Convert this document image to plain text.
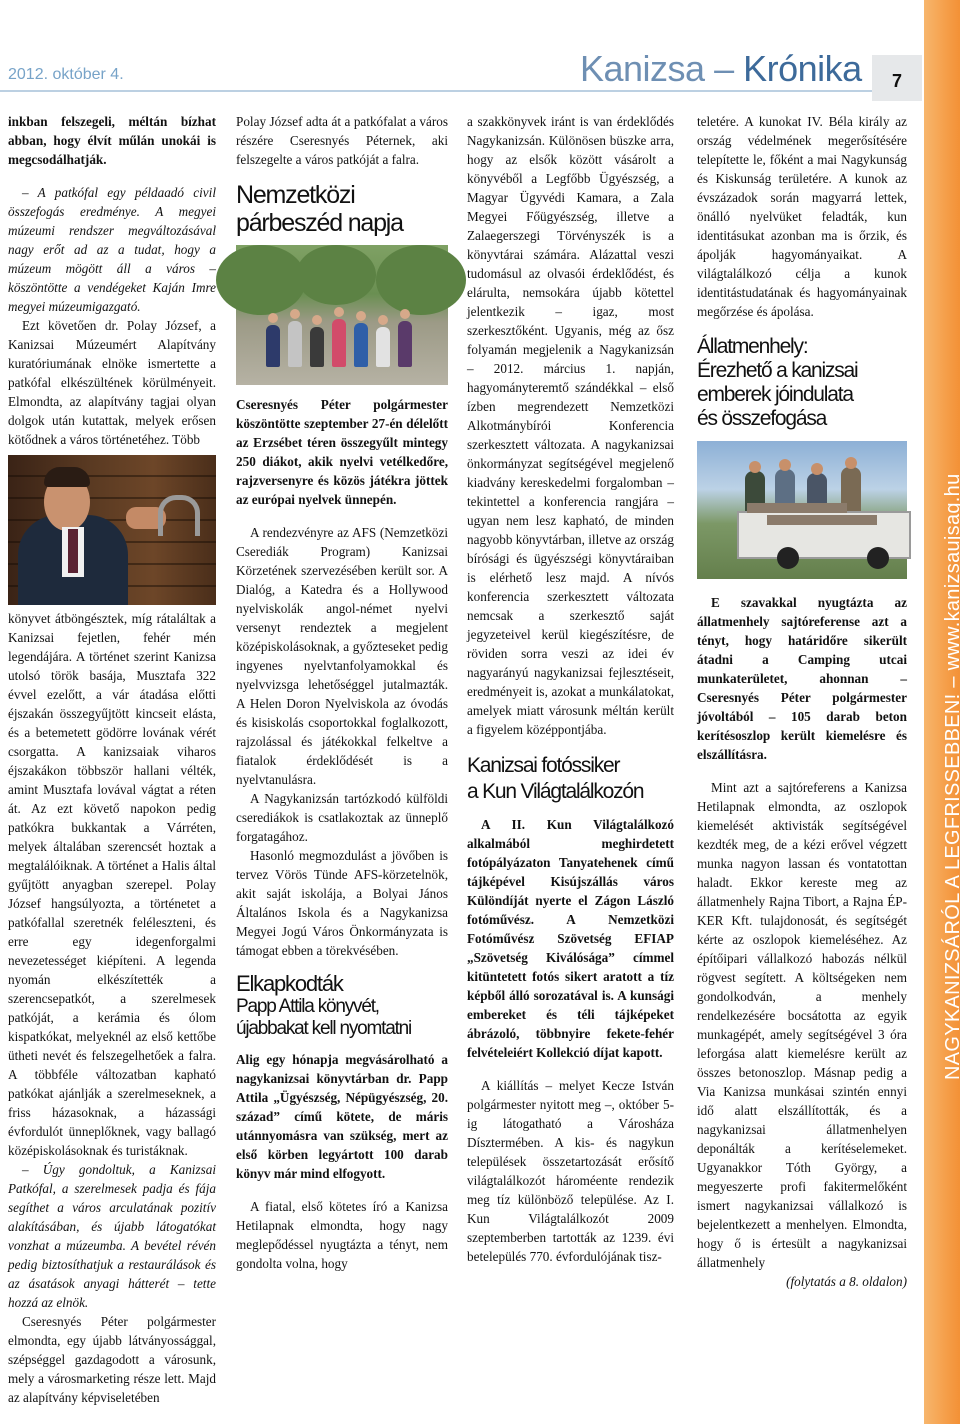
2012. október 4.	Kanizsa – Krónika	7
NAGYKANIZSÁRÓL A LEGFRISSEBBEN! – www.kanizsaujsag.hu

inkban felszegeli, méltán bízhat abban, hogy élvít műlán unokái is megcsodálhatják.

– A patkófal egy példaadó civil összefogás eredménye. A megyei múzeumi rendszer megváltozásával nagy erőt ad az a tudat, hogy a múzeum mögött áll a város – köszöntötte a vendégeket Kaján Imre megyei múzeumigazgató.

Ezt követően dr. Polay József, a Kanizsai Múzeumért Alapítvány kuratóriumának elnöke ismertette a patkófal elkészültének körülményeit. Elmondta, az alapítvány tagjai olyan dolgok után kutattak, melyek erősen kötődnek a város történetéhez. Több

könyvet átböngésztek, míg rátaláltak a Kanizsai fejetlen, fehér mén legendájára. A történet szerint Kanizsa utolsó török basája, Musztafa 322 évvel ezelőtt, a vár átadása előtti éjszakán összegyűjtött kincseit elásta, és a betemetett gödörre lovának vérét csorgatta. A kanizsaiak viharos éjszakákon többször hallani vélték, amint Musztafa lovával vágtat a réten át. Az ezt követő napokon pedig patkókra bukkantak a Várréten, melyek általában szerencsét hoztak a megtalálóiknak. A történet a Halis által gyűjtött anyagban szerepel. Polay József hangsúlyozta, a történetet a patkófallal szeretnék feléleszteni, és erre egy idegenforgalmi nevezetességet kiépíteni. A legenda nyomán elkészítették a szerencsepatkót, a szerelmesek patkóját, a kerámia és ólom kispatkókat, melyeknél az első kettőbe ütheti nevét és felszegelhetőek a falra. A többféle változatban kapható patkókat ajánlják a szerelmeseknek, a friss házasoknak, a házassági évfordulót ünneplőknek, vagy ballagó középiskolásoknak és turistáknak.

– Úgy gondoltuk, a Kanizsai Patkófal, a szerelmesek padja és fája segíthet a város arculatának pozitív alakításában, és újabb látogatókat vonzhat a múzeumba. A bevétel révén pedig biztosíthatjuk a restaurálások és az ásatások anyagi hátterét – tette hozzá az elnök.

Cseresnyés Péter polgármester elmondta, egy újabb látványossággal, szépséggel gazdagodott a városunk, mely a városmarketing része lett. Majd az alapítvány képviseletében

Polay József adta át a patkófalat a város részére Cseresnyés Péternek, aki felszegelte a város patkóját a falra.

Nemzetközi párbeszéd napja

Cseresnyés Péter polgármester köszöntötte szeptember 27-én délelőtt az Erzsébet téren összegyűlt mintegy 250 diákot, akik nyelvi vetélkedőre, rajzversenyre és közös játékra jöttek az európai nyelvek ünnepén.

A rendezvényre az AFS (Nemzetközi Cserediák Program) Kanizsai Körzetének szervezésében került sor. A Dialóg, a Katedra és a Hollywood nyelviskolák angol-német nyelvi versenyt rendeztek a megjelent középiskolásoknak, a győzteseket pedig ingyenes nyelvtanfolyamokkal és nyelvvizsga lehetőséggel jutalmazták. A Helen Doron Nyelviskola az óvodás és kisiskolás csoportokkal foglalkozott, rajzolással és játékokkal felkeltve a fiatalok érdeklődését is a nyelvtanulásra.

A Nagykanizsán tartózkodó külföldi cserediákok is csatlakoztak az ünneplő forgatagához.

Hasonló megmozdulást a jövőben is tervez Vörös Tünde AFS-körzetelnök, akit saját iskolája, a Bolyai János Általános Iskola és a Nagykanizsa Megyei Jogú Város Önkormányzata is támogat ebben a törekvésében.

Elkapkodták
Papp Attila könyvét,
újabbakat kell nyomtatni

Alig egy hónapja megvásárolható a nagykanizsai könyvtárban dr. Papp Attila „Ügyészség, Népügyészség, 20. század” című kötete, de máris utánnyomásra van szükség, mert az első körben legyártott 100 darab könyv már mind elfogyott.

A fiatal, első kötetes író a Kanizsa Hetilapnak elmondta, hogy nagy meglepődéssel nyugtázta a tényt, nem gondolta volna, hogy

a szakkönyvek iránt is van érdeklődés Nagykanizsán. Különösen büszke arra, hogy az elsők között vásárolt a könyvéből a Legfőbb Ügyészség, a Magyar Ügyvédi Kamara, a Zala Megyei Főügyészség, illetve a Zalaegerszegi Törvényszék is a könyvtárai számára. Alázattal veszi tudomásul az olvasói érdeklődést, és elárulta, nemsokára újabb kötettel jelentkezik – igaz, most szerkesztőként. Ugyanis, még az ősz folyamán megjelenik a Nagykanizsán – 2012. március 1. napján, hagyományteremtő szándékkal – első ízben megrendezett Nemzetközi Alkotmánybírói Konferencia szerkesztett változata. A nagykanizsai önkormányzat segítségével megjelenő kiadvány kereskedelmi forgalomban – tekintettel a konferencia rangjára – ugyan nem lesz kapható, de minden nagyobb könyvtárban, illetve az ország bírósági és ügyészségi könyvtáraiban is elérhető lesz majd. A nívós konferencia szerkesztett változata nemcsak a szerkesztő saját jegyzeteivel kerül kiegészítésre, de röviden sorra veszi az idei év nagyarányú nagykanizsai fejlesztéseit, eredményeit is, azokat a munkálatokat, amelyek miatt városunk méltán került a figyelem középpontjába.

Kanizsai fotóssiker
a Kun Világtalálkozón

A II. Kun Világtalálkozó alkalmából meghirdetett fotópályázaton Tanyatehenek című tájképével Kisújszállás város Különdíját nyerte el Zágon László fotóművész. A Nemzetközi Fotóművész Szövetség EFIAP „Szövetség Kiválósága” címmel kitüntetett fotós sikert aratott a tíz képből álló sorozatával is. A kunsági embereket és téli tájképeket ábrázoló, többnyire fekete-fehér felvételeiért Kollekció díjat kapott.

A kiállítás – melyet Kecze István polgármester nyitott meg –, október 5-ig látogatható a Városháza Dísztermében. A kis- és nagykun települések összetartozását erősítő világtalálkozót hároméente rendezik meg tíz különböző települése. Az I. Kun Világtalálkozót 2009 szeptemberben tartották az 1239. évi betelepülés 770. évfordulójának tisz-

teletére. A kunokat IV. Béla király az ország védelmének megerősítésére telepítette le, főként a mai Nagykunság és Kiskunság területére. A kunok az évszázadok során magyarrá lettek, önálló nyelvüket feladták, kun identitásukat azonban ma is őrzik, és ápolják hagyományaikat. A világtalálkozó célja a kunok identitástudatának és hagyományainak megőrzése és ápolása.

Állatmenhely:
Érezhető a kanizsai
emberek jóindulata
és összefogása

E szavakkal nyugtázta az állatmenhely sajtóreferense azt a tényt, hogy határidőre sikerült átadni a Camping utcai munkaterületet, ahonnan – Cseresnyés Péter polgármester jóvoltából – 105 darab beton kerítésoszlop került kiemelésre és elszállításra.

Mint azt a sajtóreferens a Kanizsa Hetilapnak elmondta, az oszlopok kiemelését aktivisták segítségével kezdték meg, de a kézi erővel végzett munka nagyon lassan és vontatottan haladt. Ekkor kereste meg az állatmenhely Rajna Tibort, a Rajna ÉP-KER Kft. tulajdonosát, és segítségét kérte az oszlopok kiemeléséhez. Az építőipari vállalkozó habozás nélkül rögvest segített. A költségeken nem gondolkodván, a menhely rendelkezésére bocsátotta az egyik munkagépét, amely segítségével 3 óra leforgása alatt kiemelésre került az összes betonoszlop. Másnap pedig a Via Kanizsa munkásai szintén ennyi idő alatt elszállították, és a nagykanizsai állatmenhelyen deponálták a kerítéselemeket. Ugyanakkor Tóth György, a megyeszerte profi fakitermelőként ismert nagykanizsai vállalkozó is bejelentkezett a menhelyen. Elmondta, hogy ő is értesült a nagykanizsai állatmenhely

(folytatás a 8. oldalon)
